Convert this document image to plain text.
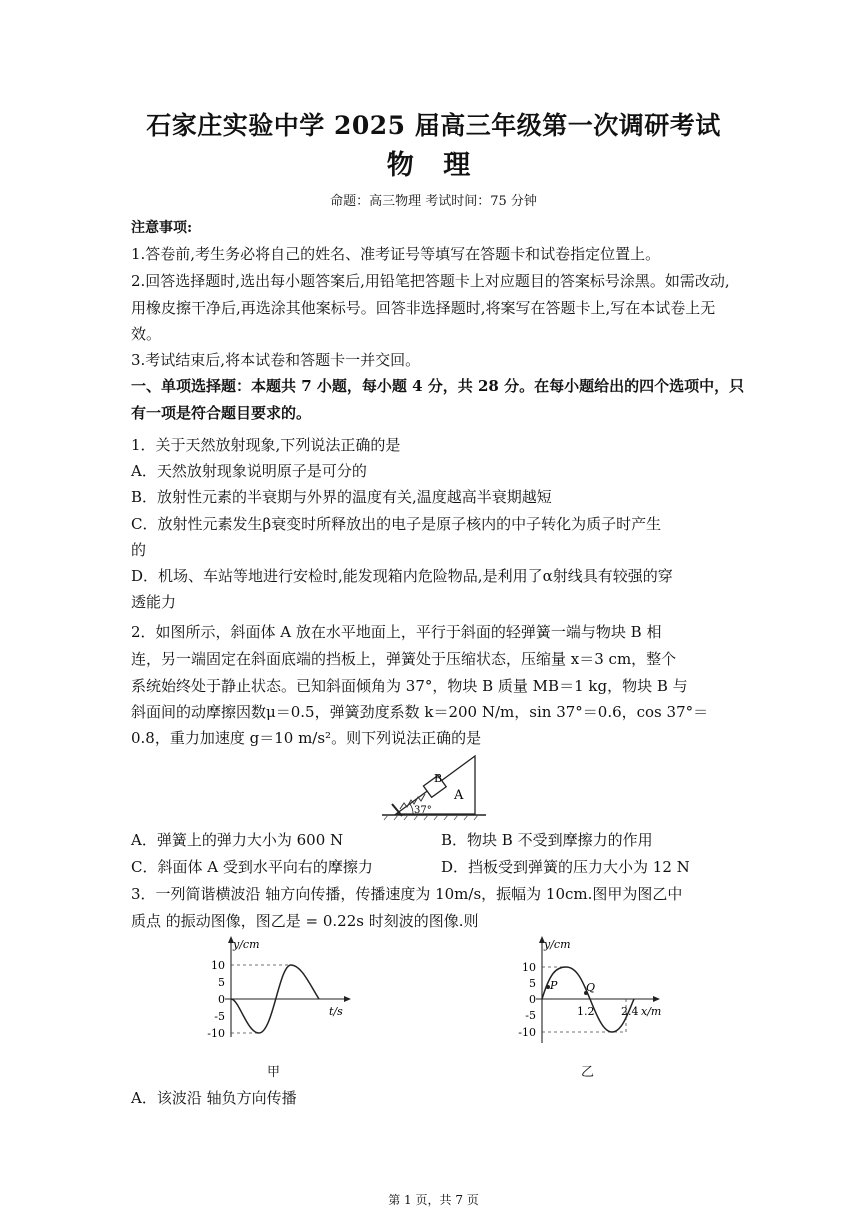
石家庄实验中学 2025 届高三年级第一次调研考试
物 理
命题：高三物理 考试时间：75 分钟
注意事项:
1.答卷前,考生务必将自己的姓名、准考证号等填写在答题卡和试卷指定位置上。
2.回答选择题时,选出每小题答案后,用铅笔把答题卡上对应题目的答案标号涂黑。如需改动,
用橡皮擦干净后,再选涂其他案标号。回答非选择题时,将案写在答题卡上,写在本试卷上无
效。
3.考试结束后,将本试卷和答题卡一并交回。
一、单项选择题：本题共 7 小题，每小题 4 分，共 28 分。在每小题给出的四个选项中，只
有一项是符合题目要求的。
1．关于天然放射现象,下列说法正确的是
A．天然放射现象说明原子是可分的
B．放射性元素的半衰期与外界的温度有关,温度越高半衰期越短
C．放射性元素发生β衰变时所释放出的电子是原子核内的中子转化为质子时产生
的
D．机场、车站等地进行安检时,能发现箱内危险物品,是利用了α射线具有较强的穿
透能力
2．如图所示，斜面体 A 放在水平地面上，平行于斜面的轻弹簧一端与物块 B 相
连，另一端固定在斜面底端的挡板上，弹簧处于压缩状态，压缩量 x＝3 cm，整个
系统始终处于静止状态。已知斜面倾角为 37°，物块 B 质量 MB＝1 kg，物块 B 与
斜面间的动摩擦因数μ＝0.5，弹簧劲度系数 k＝200 N/m，sin 37°＝0.6，cos 37°＝
0.8，重力加速度 g＝10 m/s²。则下列说法正确的是
B
A
37°
A．弹簧上的弹力大小为 600 N	B．物块 B 不受到摩擦力的作用
C．斜面体 A 受到水平向右的摩擦力	D．挡板受到弹簧的压力大小为 12 N
3．一列简谐横波沿 轴方向传播，传播速度为 10m/s，振幅为 10cm.图甲为图乙中
质点 的振动图像，图乙是 = 0.22s 时刻波的图像.则
y/cm
t/s
10
5
0
-5
-10
甲
P	Q
y/cm
x/m
1.2 2.4
10
5
0
-5
-10
乙
A．该波沿 轴负方向传播
第 1 页，共 7 页
